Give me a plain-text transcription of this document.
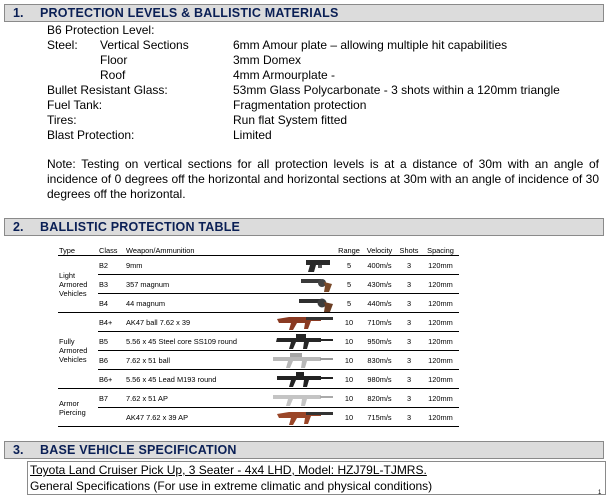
1. PROTECTION LEVELS & BALLISTIC MATERIALS
B6 Protection Level:
Steel: Vertical Sections	6mm Amour plate – allowing multiple hit capabilities
Floor	3mm Domex
Roof	4mm Armourplate -
Bullet Resistant Glass:	53mm Glass Polycarbonate - 3 shots within a 120mm triangle
Fuel Tank:	Fragmentation protection
Tires:	Run flat System fitted
Blast Protection:	Limited
Note: Testing on vertical sections for all protection levels is at a distance of 30m with an angle of incidence of 0 degrees off the horizontal and horizontal sections at 30m with an angle of incidence of 30 degrees off the horizontal.
2. BALLISTIC PROTECTION TABLE
Type	Class	Weapon/Ammunition		Range	Velocity	Shots	Spacing
Light Armored Vehicles	B2	9mm		5	400m/s	3	120mm
	B3	357 magnum		5	430m/s	3	120mm
	B4	44 magnum		5	440m/s	3	120mm
Fully Armored Vehicles	B4+	AK47 ball 7.62 x 39		10	710m/s	3	120mm
	B5	5.56 x 45 Steel core SS109 round		10	950m/s	3	120mm
	B6	7.62 x 51 ball		10	830m/s	3	120mm
	B6+	5.56 x 45 Lead M193 round		10	980m/s	3	120mm
Armor Piercing	B7	7.62 x 51 AP		10	820m/s	3	120mm
		AK47 7.62 x 39 AP		10	715m/s	3	120mm
3. BASE VEHICLE SPECIFICATION
Toyota Land Cruiser Pick Up, 3 Seater - 4x4 LHD, Model: HZJ79L-TJMRS.
General Specifications (For use in extreme climatic and physical conditions)	1
